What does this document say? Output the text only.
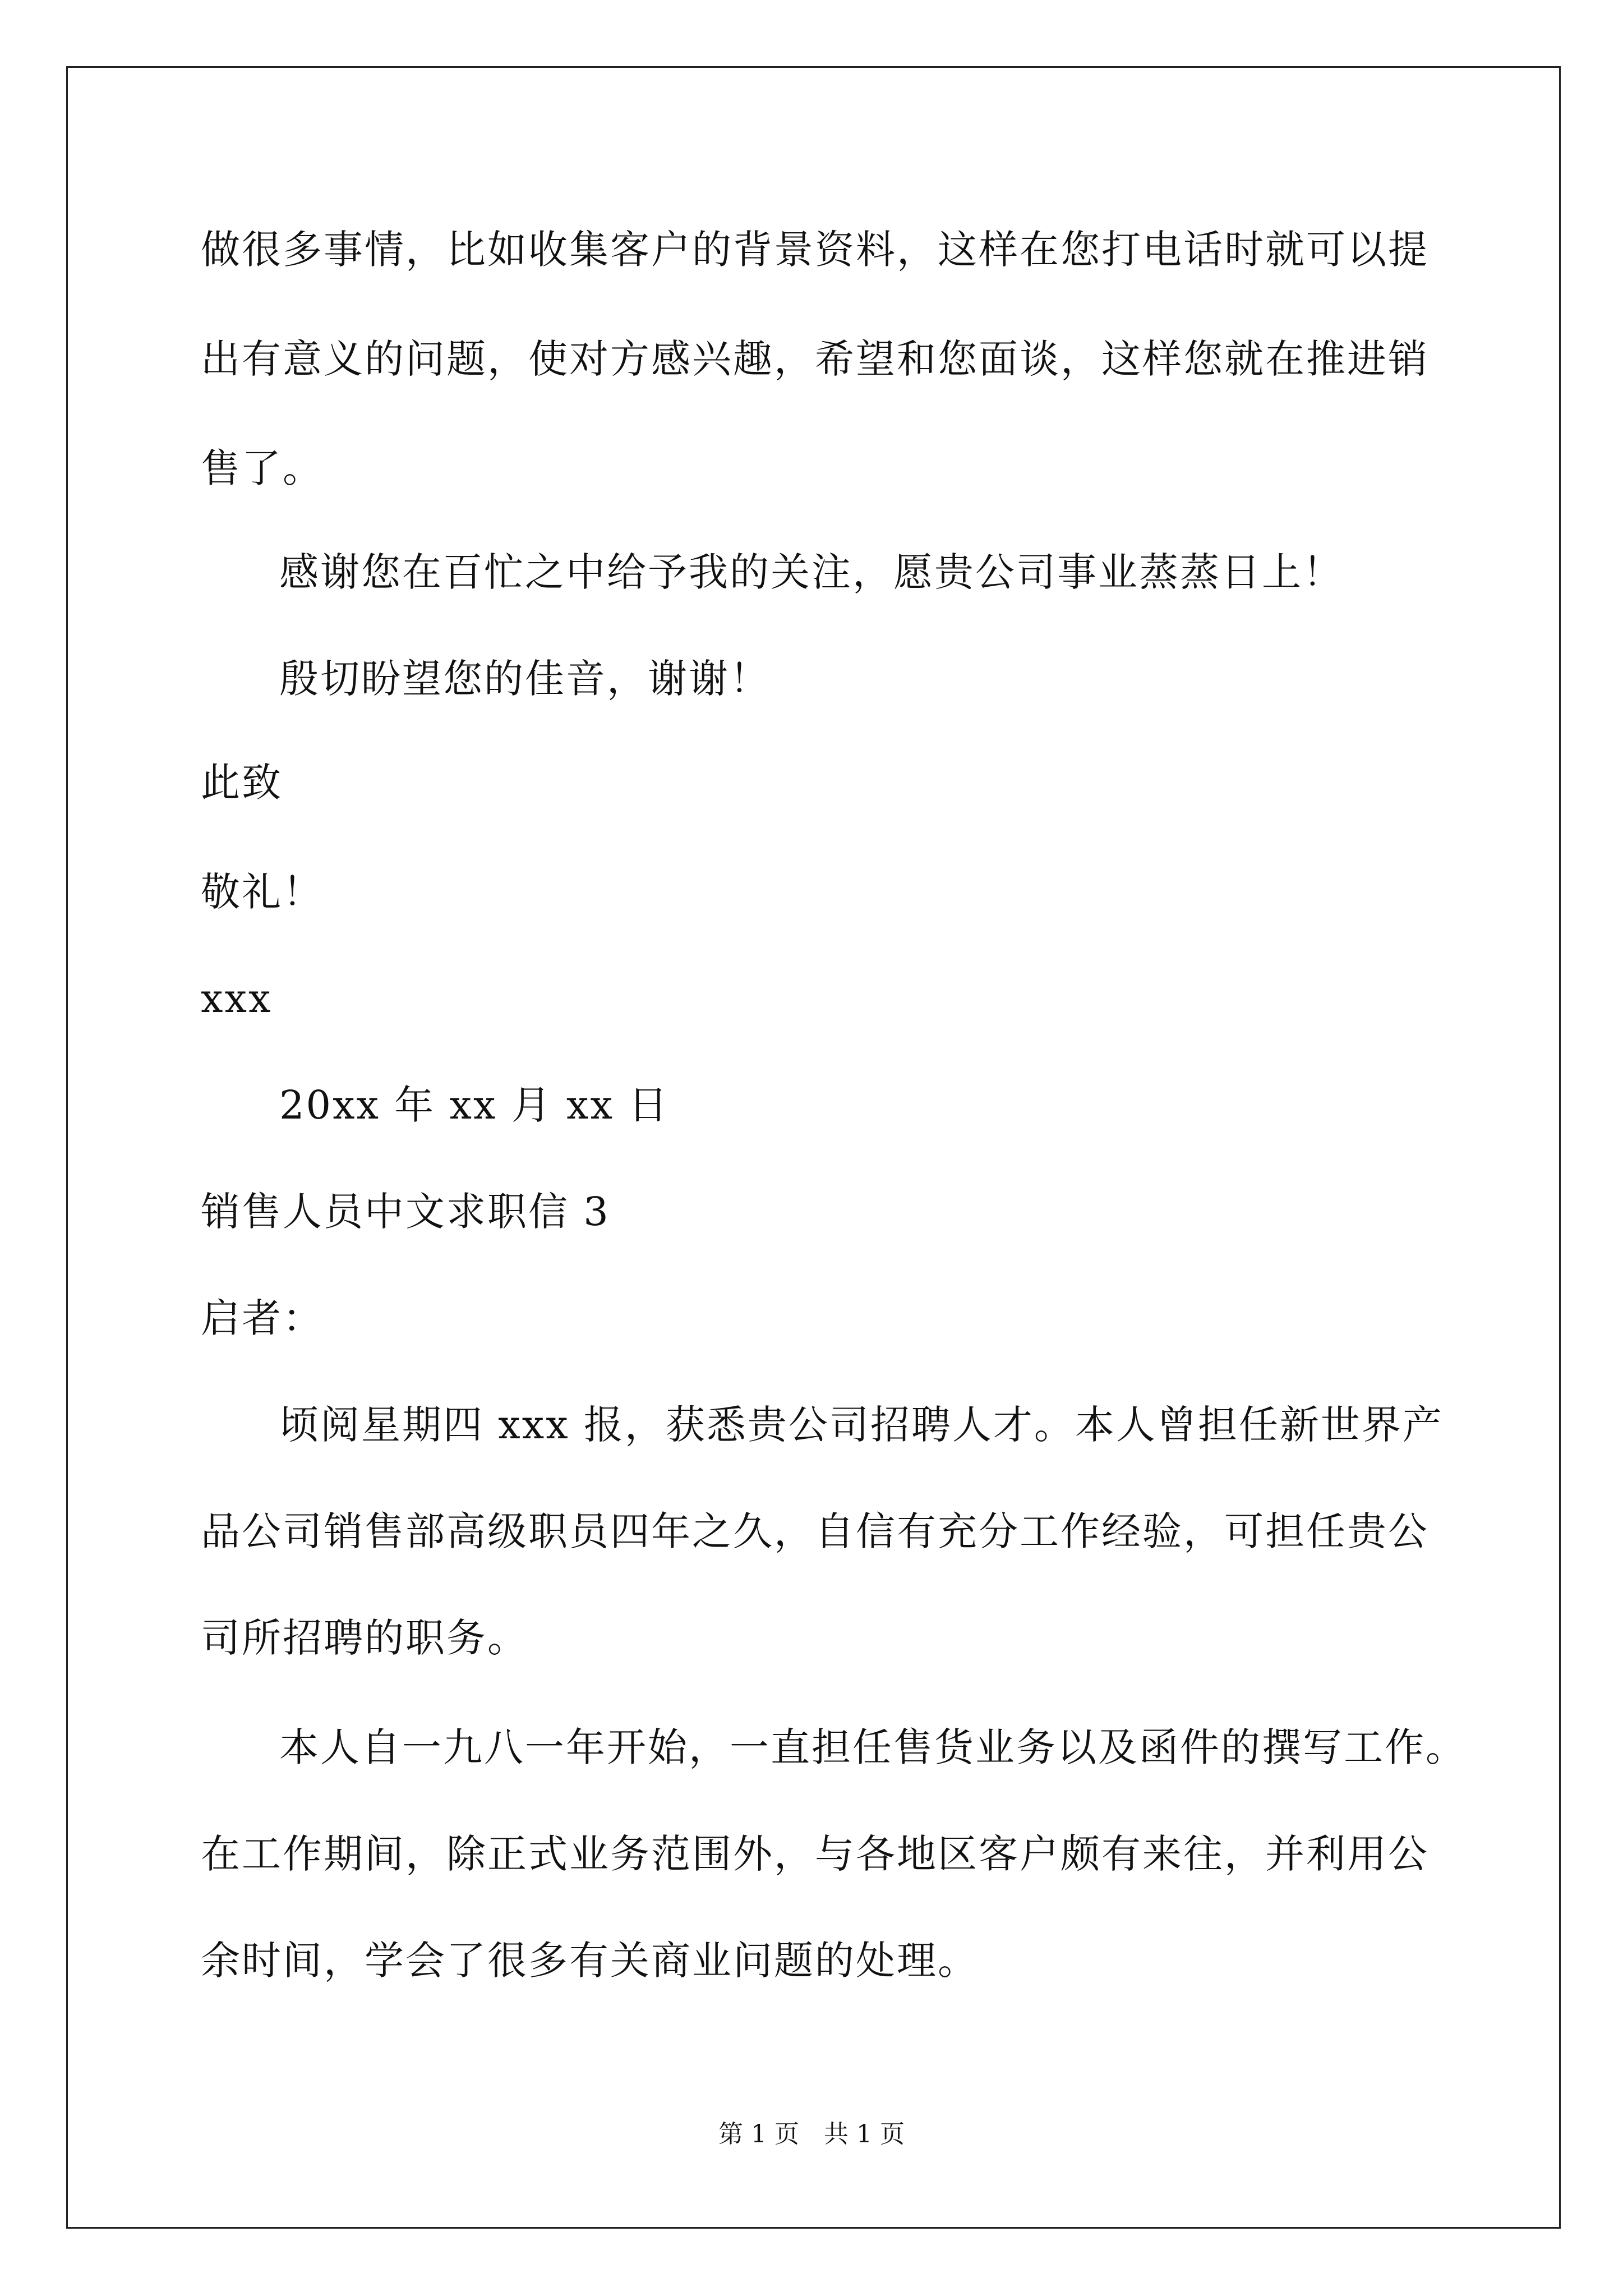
做很多事情，比如收集客户的背景资料，这样在您打电话时就可以提
出有意义的问题，使对方感兴趣，希望和您面谈，这样您就在推进销
售了。
感谢您在百忙之中给予我的关注，愿贵公司事业蒸蒸日上！
殷切盼望您的佳音，谢谢！
此致
敬礼！
xxx
20xx 年 xx 月 xx 日
销售人员中文求职信 3
启者：
顷阅星期四 xxx 报，获悉贵公司招聘人才。本人曾担任新世界产
品公司销售部高级职员四年之久，自信有充分工作经验，可担任贵公
司所招聘的职务。
本人自一九八一年开始，一直担任售货业务以及函件的撰写工作。
在工作期间，除正式业务范围外，与各地区客户颇有来往，并利用公
余时间，学会了很多有关商业问题的处理。
第 1 页　共 1 页
